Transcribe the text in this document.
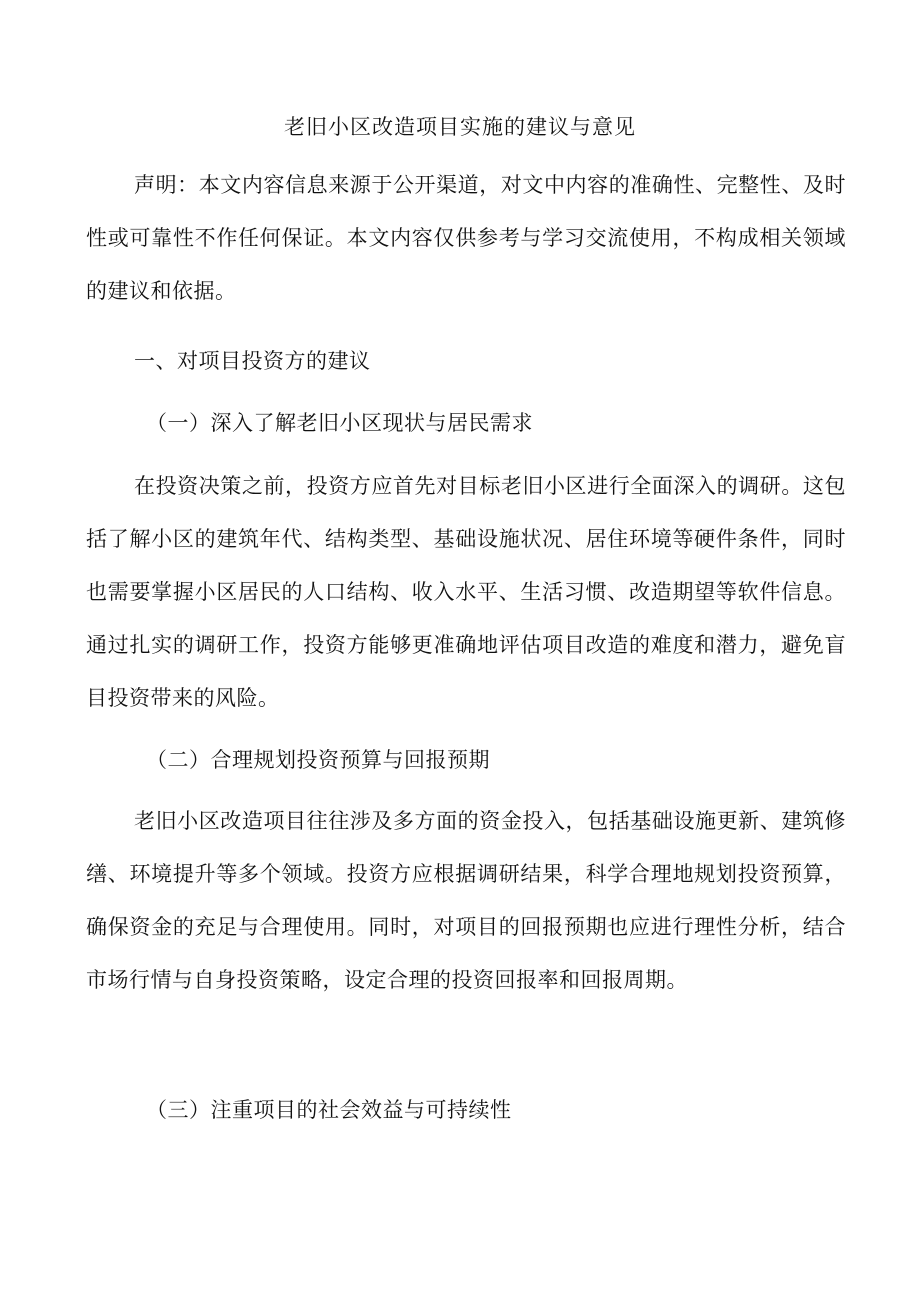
老旧小区改造项目实施的建议与意见
声明：本文内容信息来源于公开渠道，对文中内容的准确性、完整性、及时性或可靠性不作任何保证。本文内容仅供参考与学习交流使用，不构成相关领域的建议和依据。
一、对项目投资方的建议
（一）深入了解老旧小区现状与居民需求
在投资决策之前，投资方应首先对目标老旧小区进行全面深入的调研。这包括了解小区的建筑年代、结构类型、基础设施状况、居住环境等硬件条件，同时也需要掌握小区居民的人口结构、收入水平、生活习惯、改造期望等软件信息。通过扎实的调研工作，投资方能够更准确地评估项目改造的难度和潜力，避免盲目投资带来的风险。
（二）合理规划投资预算与回报预期
老旧小区改造项目往往涉及多方面的资金投入，包括基础设施更新、建筑修缮、环境提升等多个领域。投资方应根据调研结果，科学合理地规划投资预算，确保资金的充足与合理使用。同时，对项目的回报预期也应进行理性分析，结合市场行情与自身投资策略，设定合理的投资回报率和回报周期。
（三）注重项目的社会效益与可持续性
